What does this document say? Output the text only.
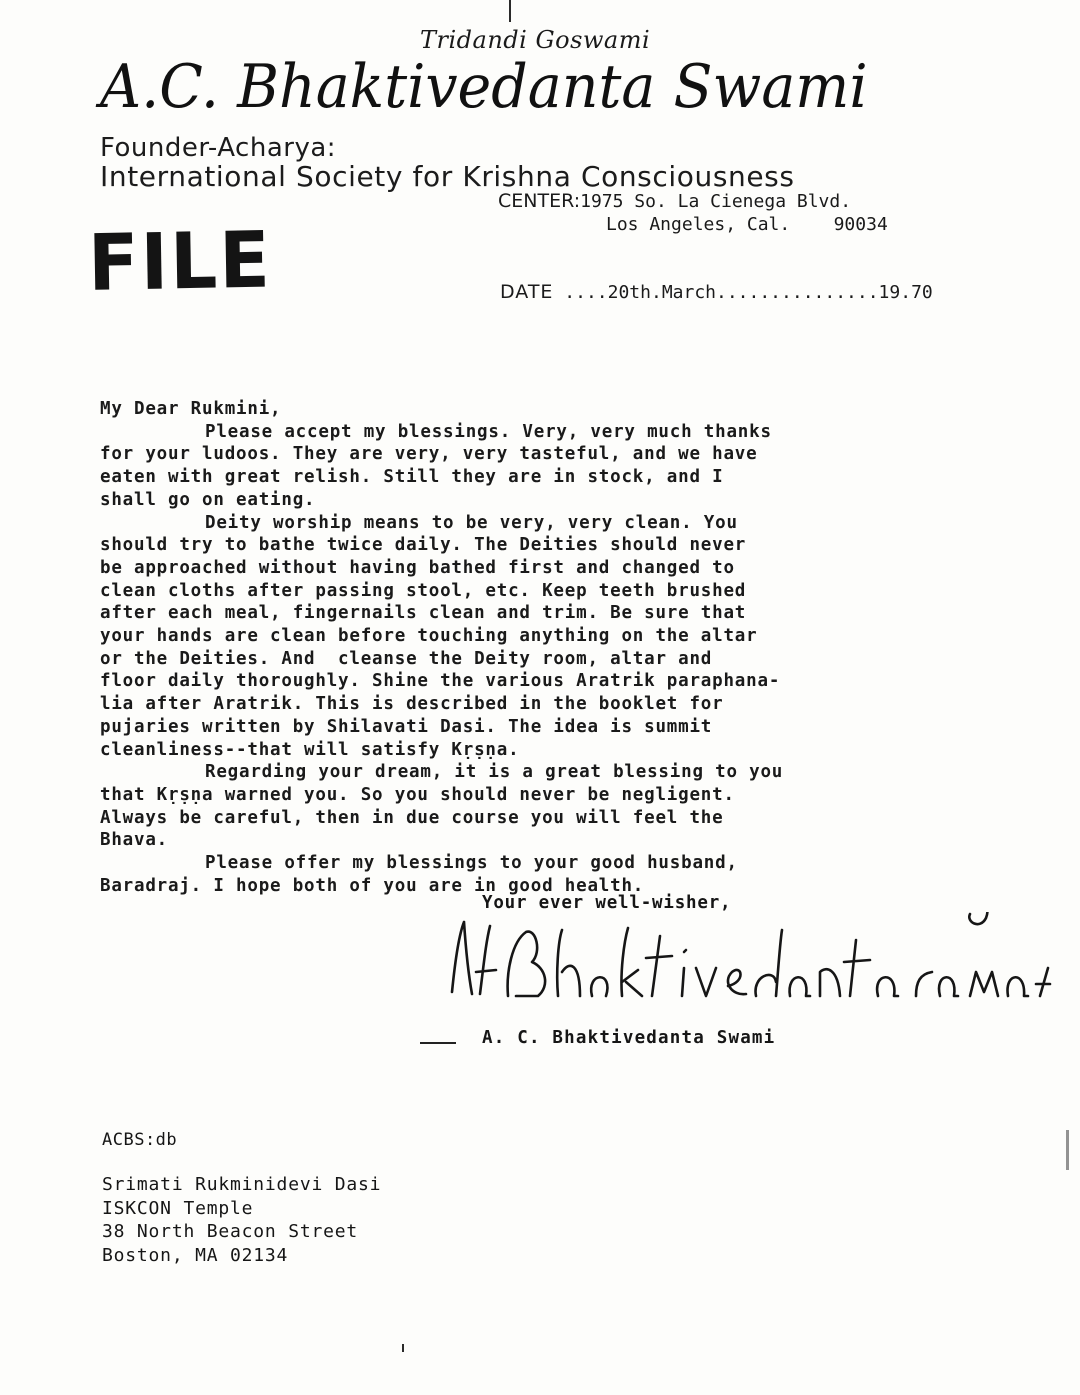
Tridandi Goswami
A.C. Bhaktivedanta Swami
Founder-Acharya:
International Society for Krishna Consciousness
CENTER:1975 So. La Cienega Blvd.
Los Angeles, Cal. 90034
FILE	DATE ....20th.March...............19.70

My Dear Rukmini,

Please accept my blessings. Very, very much thanks

for your ludoos. They are very, very tasteful, and we have

eaten with great relish. Still they are in stock, and I

shall go on eating.

Deity worship means to be very, very clean. You

should try to bathe twice daily. The Deities should never

be approached without having bathed first and changed to

clean cloths after passing stool, etc. Keep teeth brushed

after each meal, fingernails clean and trim. Be sure that

your hands are clean before touching anything on the altar

or the Deities. And  cleanse the Deity room, altar and

floor daily thoroughly. Shine the various Aratrik paraphana-

lia after Aratrik. This is described in the booklet for

pujaries written by Shilavati Dasi. The idea is summit

cleanliness--that will satisfy Kṛṣṇa.

Regarding your dream, it is a great blessing to you

that Kṛṣṇa warned you. So you should never be negligent.

Always be careful, then in due course you will feel the

Bhava.

Please offer my blessings to your good husband,

Baradraj. I hope both of you are in good health.

Your ever well-wisher,
A. C. Bhaktivedanta Swami
ACBS:db
Srimati Rukminidevi Dasi
ISKCON Temple
38 North Beacon Street
Boston, MA 02134
